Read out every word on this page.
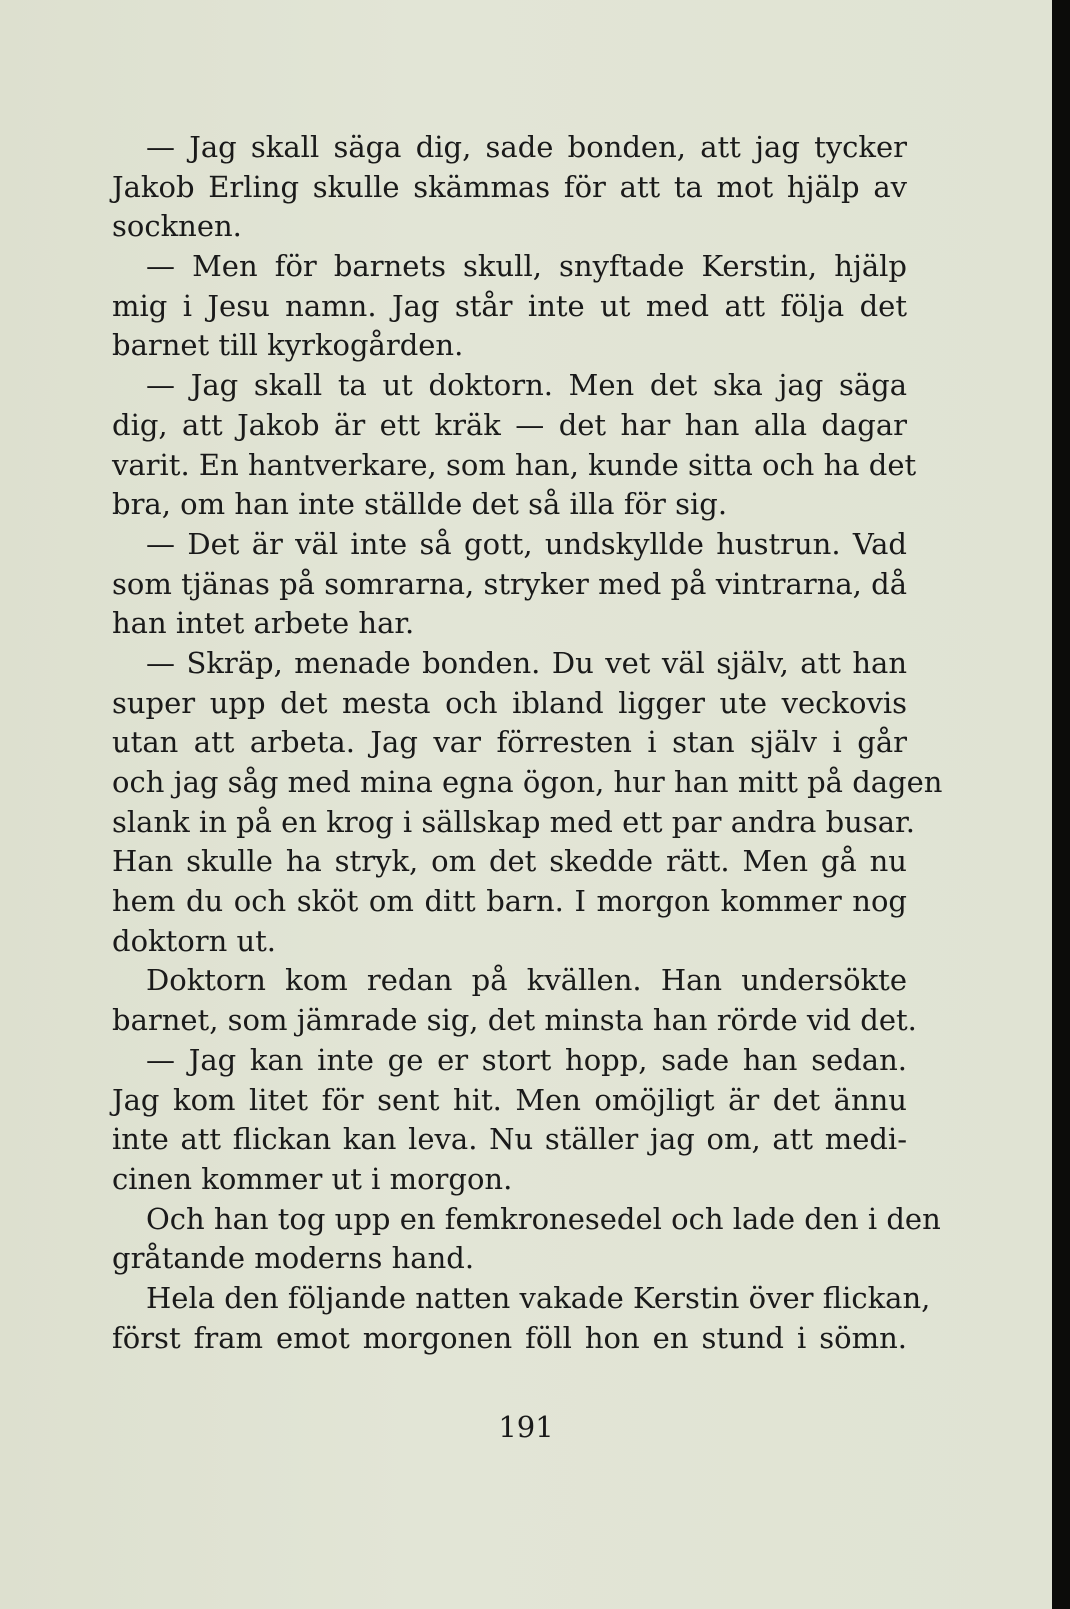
— Jag skall säga dig, sade bonden, att jag tycker
Jakob Erling skulle skämmas för att ta mot hjälp av
socknen.
— Men för barnets skull, snyftade Kerstin, hjälp
mig i Jesu namn. Jag står inte ut med att följa det
barnet till kyrkogården.
— Jag skall ta ut doktorn. Men det ska jag säga
dig, att Jakob är ett kräk — det har han alla dagar
varit. En hantverkare, som han, kunde sitta och ha det
bra, om han inte ställde det så illa för sig.
— Det är väl inte så gott, undskyllde hustrun. Vad
som tjänas på somrarna, stryker med på vintrarna, då
han intet arbete har.
— Skräp, menade bonden. Du vet väl själv, att han
super upp det mesta och ibland ligger ute veckovis
utan att arbeta. Jag var förresten i stan själv i går
och jag såg med mina egna ögon, hur han mitt på dagen
slank in på en krog i sällskap med ett par andra busar.
Han skulle ha stryk, om det skedde rätt. Men gå nu
hem du och sköt om ditt barn. I morgon kommer nog
doktorn ut.
Doktorn kom redan på kvällen. Han undersökte
barnet, som jämrade sig, det minsta han rörde vid det.
— Jag kan inte ge er stort hopp, sade han sedan.
Jag kom litet för sent hit. Men omöjligt är det ännu
inte att flickan kan leva. Nu ställer jag om, att medi-
cinen kommer ut i morgon.
Och han tog upp en femkronesedel och lade den i den
gråtande moderns hand.
Hela den följande natten vakade Kerstin över flickan,
först fram emot morgonen föll hon en stund i sömn.
191
